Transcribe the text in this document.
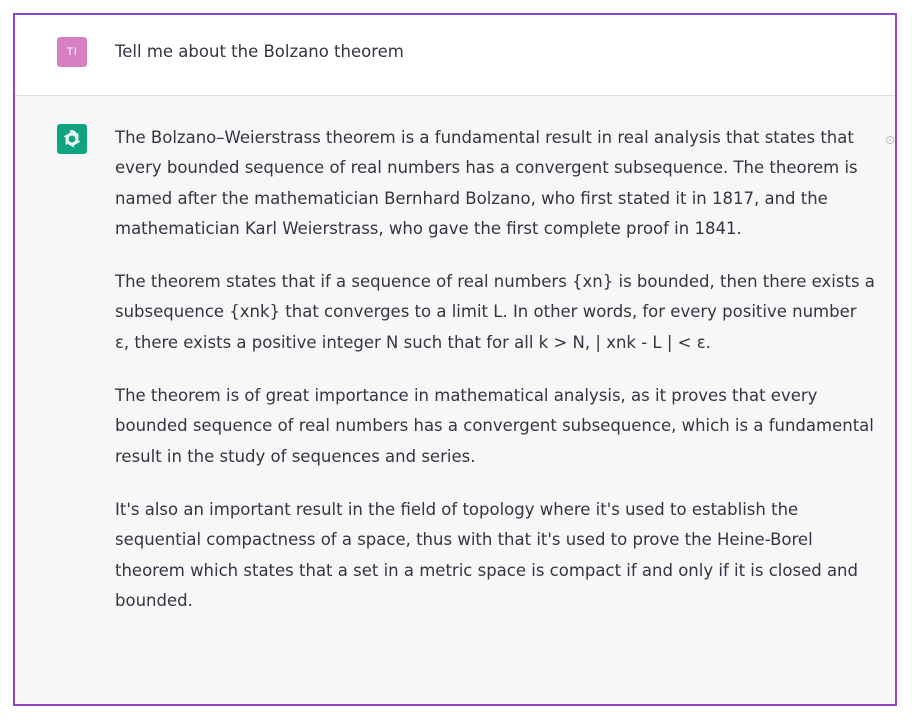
TI	Tell me about the Bolzano theorem
⊙

The Bolzano–Weierstrass theorem is a fundamental result in real analysis that states that every bounded sequence of real numbers has a convergent subsequence. The theorem is named after the mathematician Bernhard Bolzano, who first stated it in 1817, and the mathematician Karl Weierstrass, who gave the first complete proof in 1841.

The theorem states that if a sequence of real numbers {xn} is bounded, then there exists a subsequence {xnk} that converges to a limit L. In other words, for every positive number ε, there exists a positive integer N such that for all k > N, | xnk - L | < ε.

The theorem is of great importance in mathematical analysis, as it proves that every bounded sequence of real numbers has a convergent subsequence, which is a fundamental result in the study of sequences and series.

It's also an important result in the field of topology where it's used to establish the sequential compactness of a space, thus with that it's used to prove the Heine-Borel theorem which states that a set in a metric space is compact if and only if it is closed and bounded.
